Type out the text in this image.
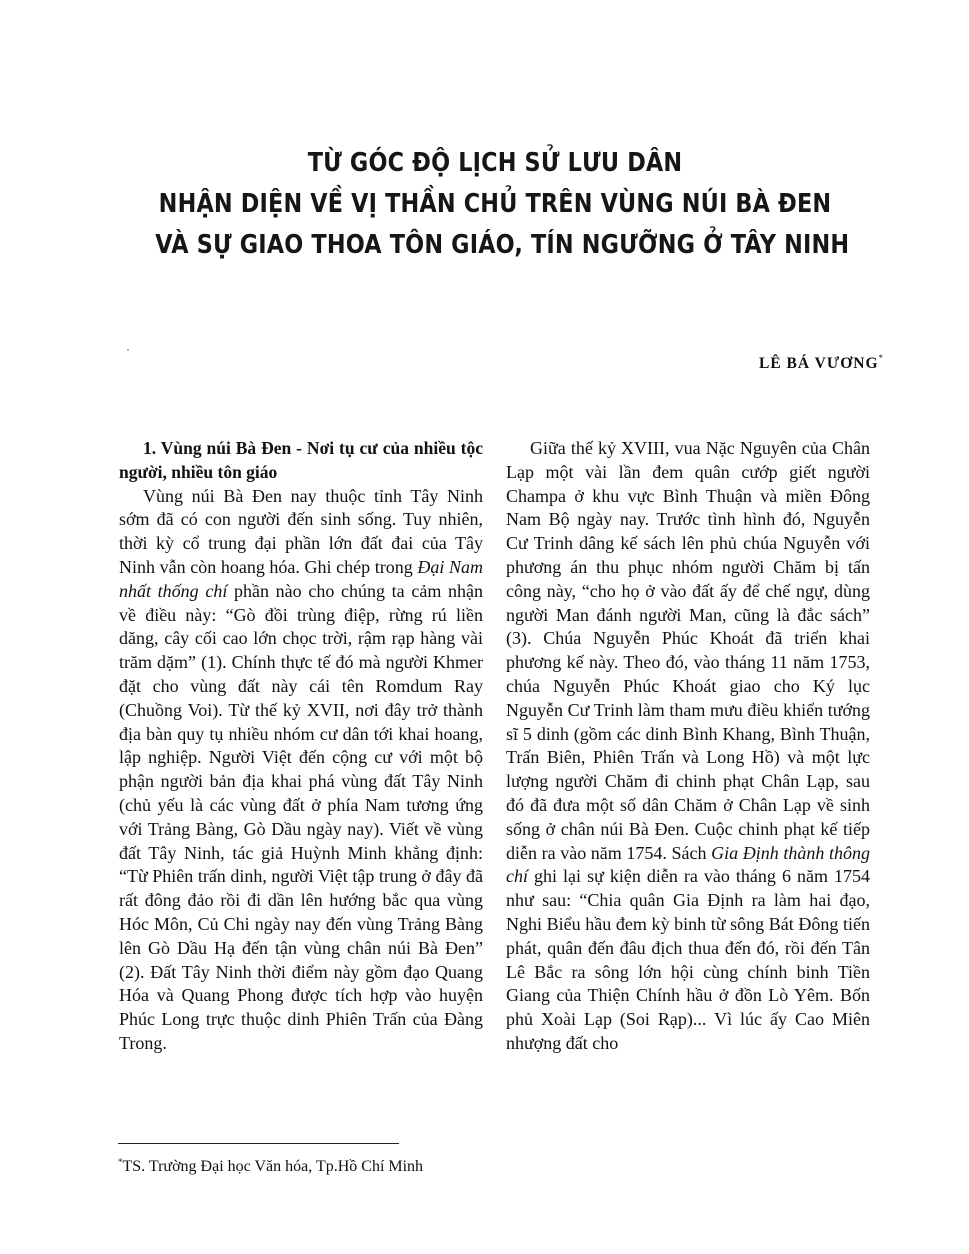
TỪ GÓC ĐỘ LỊCH SỬ LƯU DÂN
NHẬN DIỆN VỀ VỊ THẦN CHỦ TRÊN VÙNG NÚI BÀ ĐEN
VÀ SỰ GIAO THOA TÔN GIÁO, TÍN NGƯỠNG Ở TÂY NINH
LÊ BÁ VƯƠNG*

1. Vùng núi Bà Đen - Nơi tụ cư của nhiều tộc người, nhiều tôn giáo

Vùng núi Bà Đen nay thuộc tỉnh Tây Ninh sớm đã có con người đến sinh sống. Tuy nhiên, thời kỳ cổ trung đại phần lớn đất đai của Tây Ninh vẫn còn hoang hóa. Ghi chép trong Đại Nam nhất thống chí phần nào cho chúng ta cảm nhận về điều này: “Gò đồi trùng điệp, rừng rú liền dăng, cây cối cao lớn chọc trời, rậm rạp hàng vài trăm dặm” (1). Chính thực tế đó mà người Khmer đặt cho vùng đất này cái tên Romdum Ray (Chuồng Voi). Từ thế kỷ XVII, nơi đây trở thành địa bàn quy tụ nhiều nhóm cư dân tới khai hoang, lập nghiệp. Người Việt đến cộng cư với một bộ phận người bản địa khai phá vùng đất Tây Ninh (chủ yếu là các vùng đất ở phía Nam tương ứng với Trảng Bàng, Gò Dầu ngày nay). Viết về vùng đất Tây Ninh, tác giả Huỳnh Minh khẳng định: “Từ Phiên trấn dinh, người Việt tập trung ở đây đã rất đông đảo rồi đi dần lên hướng bắc qua vùng Hóc Môn, Củ Chi ngày nay đến vùng Trảng Bàng lên Gò Dầu Hạ đến tận vùng chân núi Bà Đen” (2). Đất Tây Ninh thời điểm này gồm đạo Quang Hóa và Quang Phong được tích hợp vào huyện Phúc Long trực thuộc dinh Phiên Trấn của Đàng Trong.

Giữa thế kỷ XVIII, vua Nặc Nguyên của Chân Lạp một vài lần đem quân cướp giết người Champa ở khu vực Bình Thuận và miền Đông Nam Bộ ngày nay. Trước tình hình đó, Nguyễn Cư Trinh dâng kế sách lên phủ chúa Nguyễn với phương án thu phục nhóm người Chăm bị tấn công này, “cho họ ở vào đất ấy để chế ngự, dùng người Man đánh người Man, cũng là đắc sách” (3). Chúa Nguyễn Phúc Khoát đã triển khai phương kế này. Theo đó, vào tháng 11 năm 1753, chúa Nguyễn Phúc Khoát giao cho Ký lục Nguyễn Cư Trinh làm tham mưu điều khiển tướng sĩ 5 dinh (gồm các dinh Bình Khang, Bình Thuận, Trấn Biên, Phiên Trấn và Long Hồ) và một lực lượng người Chăm đi chinh phạt Chân Lạp, sau đó đã đưa một số dân Chăm ở Chân Lạp về sinh sống ở chân núi Bà Đen. Cuộc chinh phạt kế tiếp diễn ra vào năm 1754. Sách Gia Định thành thông chí ghi lại sự kiện diễn ra vào tháng 6 năm 1754 như sau: “Chia quân Gia Định ra làm hai đạo, Nghi Biểu hầu đem kỳ binh từ sông Bát Đông tiến phát, quân đến đâu địch thua đến đó, rồi đến Tân Lê Bắc ra sông lớn hội cùng chính binh Tiền Giang của Thiện Chính hầu ở đồn Lò Yêm. Bốn phủ Xoài Lạp (Soi Rạp)... Vì lúc ấy Cao Miên nhượng đất cho

*TS. Trường Đại học Văn hóa, Tp.Hồ Chí Minh
